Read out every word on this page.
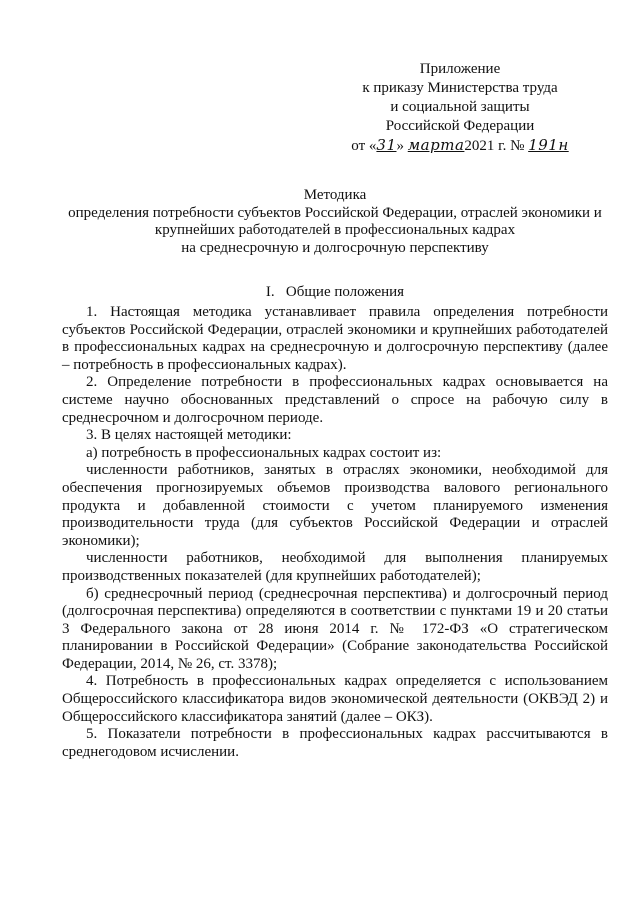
Приложение
к приказу Министерства труда
и социальной защиты
Российской Федерации
от «31» марта2021 г. № 191н
Методика
определения потребности субъектов Российской Федерации, отраслей экономики и
крупнейших работодателей в профессиональных кадрах
на среднесрочную и долгосрочную перспективу
I.   Общие положения

1. Настоящая методика устанавливает правила определения потребности субъектов Российской Федерации, отраслей экономики и крупнейших работодателей в профессиональных кадрах на среднесрочную и долгосрочную перспективу (далее – потребность в профессиональных кадрах).

2. Определение потребности в профессиональных кадрах основывается на системе научно обоснованных представлений о спросе на рабочую силу в среднесрочном и долгосрочном периоде.

3. В целях настоящей методики:

а) потребность в профессиональных кадрах состоит из:

численности работников, занятых в отраслях экономики, необходимой для обеспечения прогнозируемых объемов производства валового регионального продукта и добавленной стоимости с учетом планируемого изменения производительности труда (для субъектов Российской Федерации и отраслей экономики);

численности работников, необходимой для выполнения планируемых производственных показателей (для крупнейших работодателей);

б) среднесрочный период (среднесрочная перспектива) и долгосрочный период (долгосрочная перспектива) определяются в соответствии с пунктами 19 и 20 статьи 3 Федерального закона от 28 июня 2014 г. № 172-ФЗ «О стратегическом планировании в Российской Федерации» (Собрание законодательства Российской Федерации, 2014, № 26, ст. 3378);

4. Потребность в профессиональных кадрах определяется с использованием Общероссийского классификатора видов экономической деятельности (ОКВЭД 2) и Общероссийского классификатора занятий (далее – ОКЗ).

5. Показатели потребности в профессиональных кадрах рассчитываются в среднегодовом исчислении.
